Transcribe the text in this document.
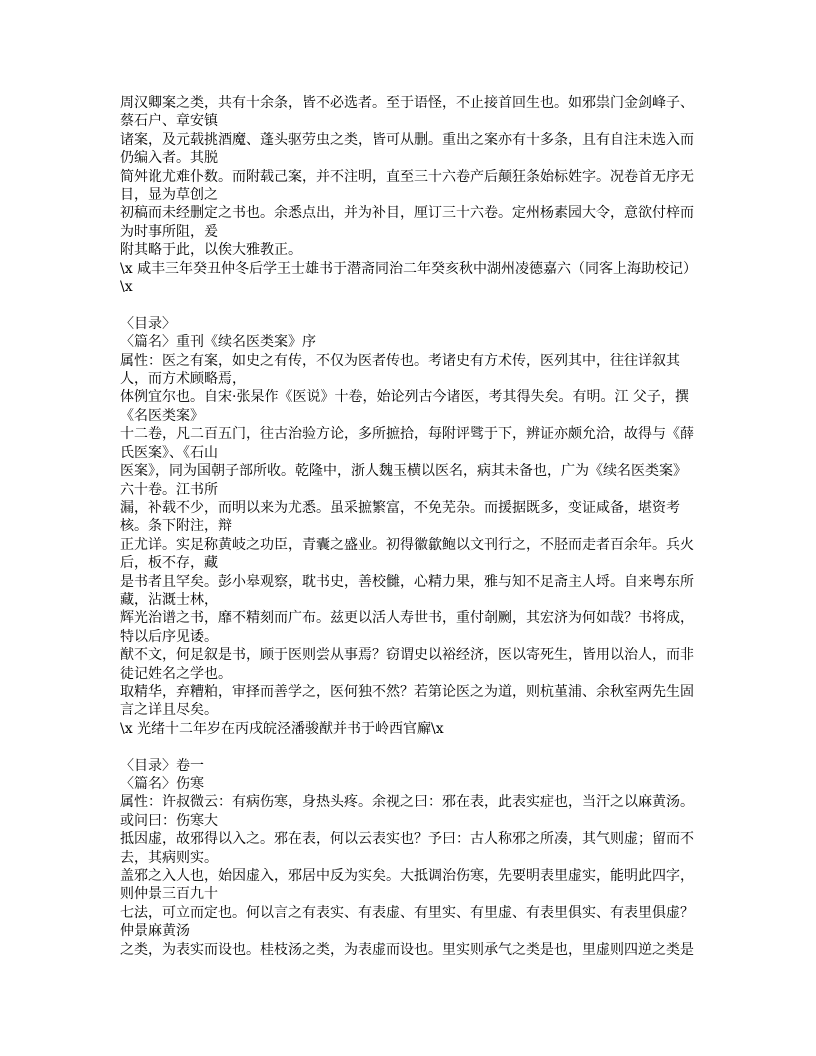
周汉卿案之类，共有十余条，皆不必选者。至于语怪，不止接首回生也。如邪祟门金剑峰子、蔡石户、章安镇
诸案，及元载挑酒魔、蓬头驱劳虫之类，皆可从删。重出之案亦有十多条，且有自注未选入而仍编入者。其脱
简舛讹尤难仆数。而附载己案，并不注明，直至三十六卷产后颠狂条始标姓字。况卷首无序无目，显为草创之
初稿而未经删定之书也。余悉点出，并为补目，厘订三十六卷。定州杨素园大令，意欲付梓而为时事所阻，爰
附其略于此，以俟大雅教正。
\x 咸丰三年癸丑仲冬后学王士雄书于潜斋同治二年癸亥秋中湖州凌德嘉六（同客上海助校记）\x
〈目录〉
〈篇名〉重刊《续名医类案》序
属性：医之有案，如史之有传，不仅为医者传也。考诸史有方术传，医列其中，往往详叙其人，而方术顾略焉，
体例宜尔也。自宋·张杲作《医说》十卷，始论列古今诸医，考其得失矣。有明。江 父子，撰《名医类案》
十二卷，凡二百五门，往古治验方论，多所摭拾，每附评骘于下，辨证亦颇允洽，故得与《薛氏医案》、《石山
医案》，同为国朝子部所收。乾隆中，浙人魏玉横以医名，病其未备也，广为《续名医类案》六十卷。江书所
漏，补载不少，而明以来为尤悉。虽采摭繁富，不免芜杂。而援据既多，变证咸备，堪资考核。条下附注，辩
正尤详。实足称黄岐之功臣，青囊之盛业。初得徽歙鲍以文刊行之，不胫而走者百余年。兵火后，板不存，藏
是书者且罕矣。彭小皋观察，耽书史，善校雠，心精力果，雅与知不足斋主人埒。自来粤东所藏，沾溉士林，
辉光治谱之书，靡不精刻而广布。兹更以活人寿世书，重付剞劂，其宏济为何如哉？书将成，特以后序见诿。
猷不文，何足叙是书，顾于医则尝从事焉？窃谓史以裕经济，医以寄死生，皆用以治人，而非徒记姓名之学也。
取精华，弃糟粕，审择而善学之，医何独不然？若第论医之为道，则杭堇浦、余秋室两先生固言之详且尽矣。
\x 光绪十二年岁在丙戌皖泾潘骏猷并书于岭西官廨\x
〈目录〉卷一
〈篇名〉伤寒
属性：许叔微云：有病伤寒，身热头疼。余视之曰：邪在表，此表实症也，当汗之以麻黄汤。或问曰：伤寒大
抵因虚，故邪得以入之。邪在表，何以云表实也？予曰：古人称邪之所凑，其气则虚；留而不去，其病则实。
盖邪之入人也，始因虚入，邪居中反为实矣。大抵调治伤寒，先要明表里虚实，能明此四字，则仲景三百九十
七法，可立而定也。何以言之有表实、有表虚、有里实、有里虚、有表里俱实、有表里俱虚？仲景麻黄汤
之类，为表实而设也。桂枝汤之类，为表虚而设也。里实则承气之类是也，里虚则四逆之类是
